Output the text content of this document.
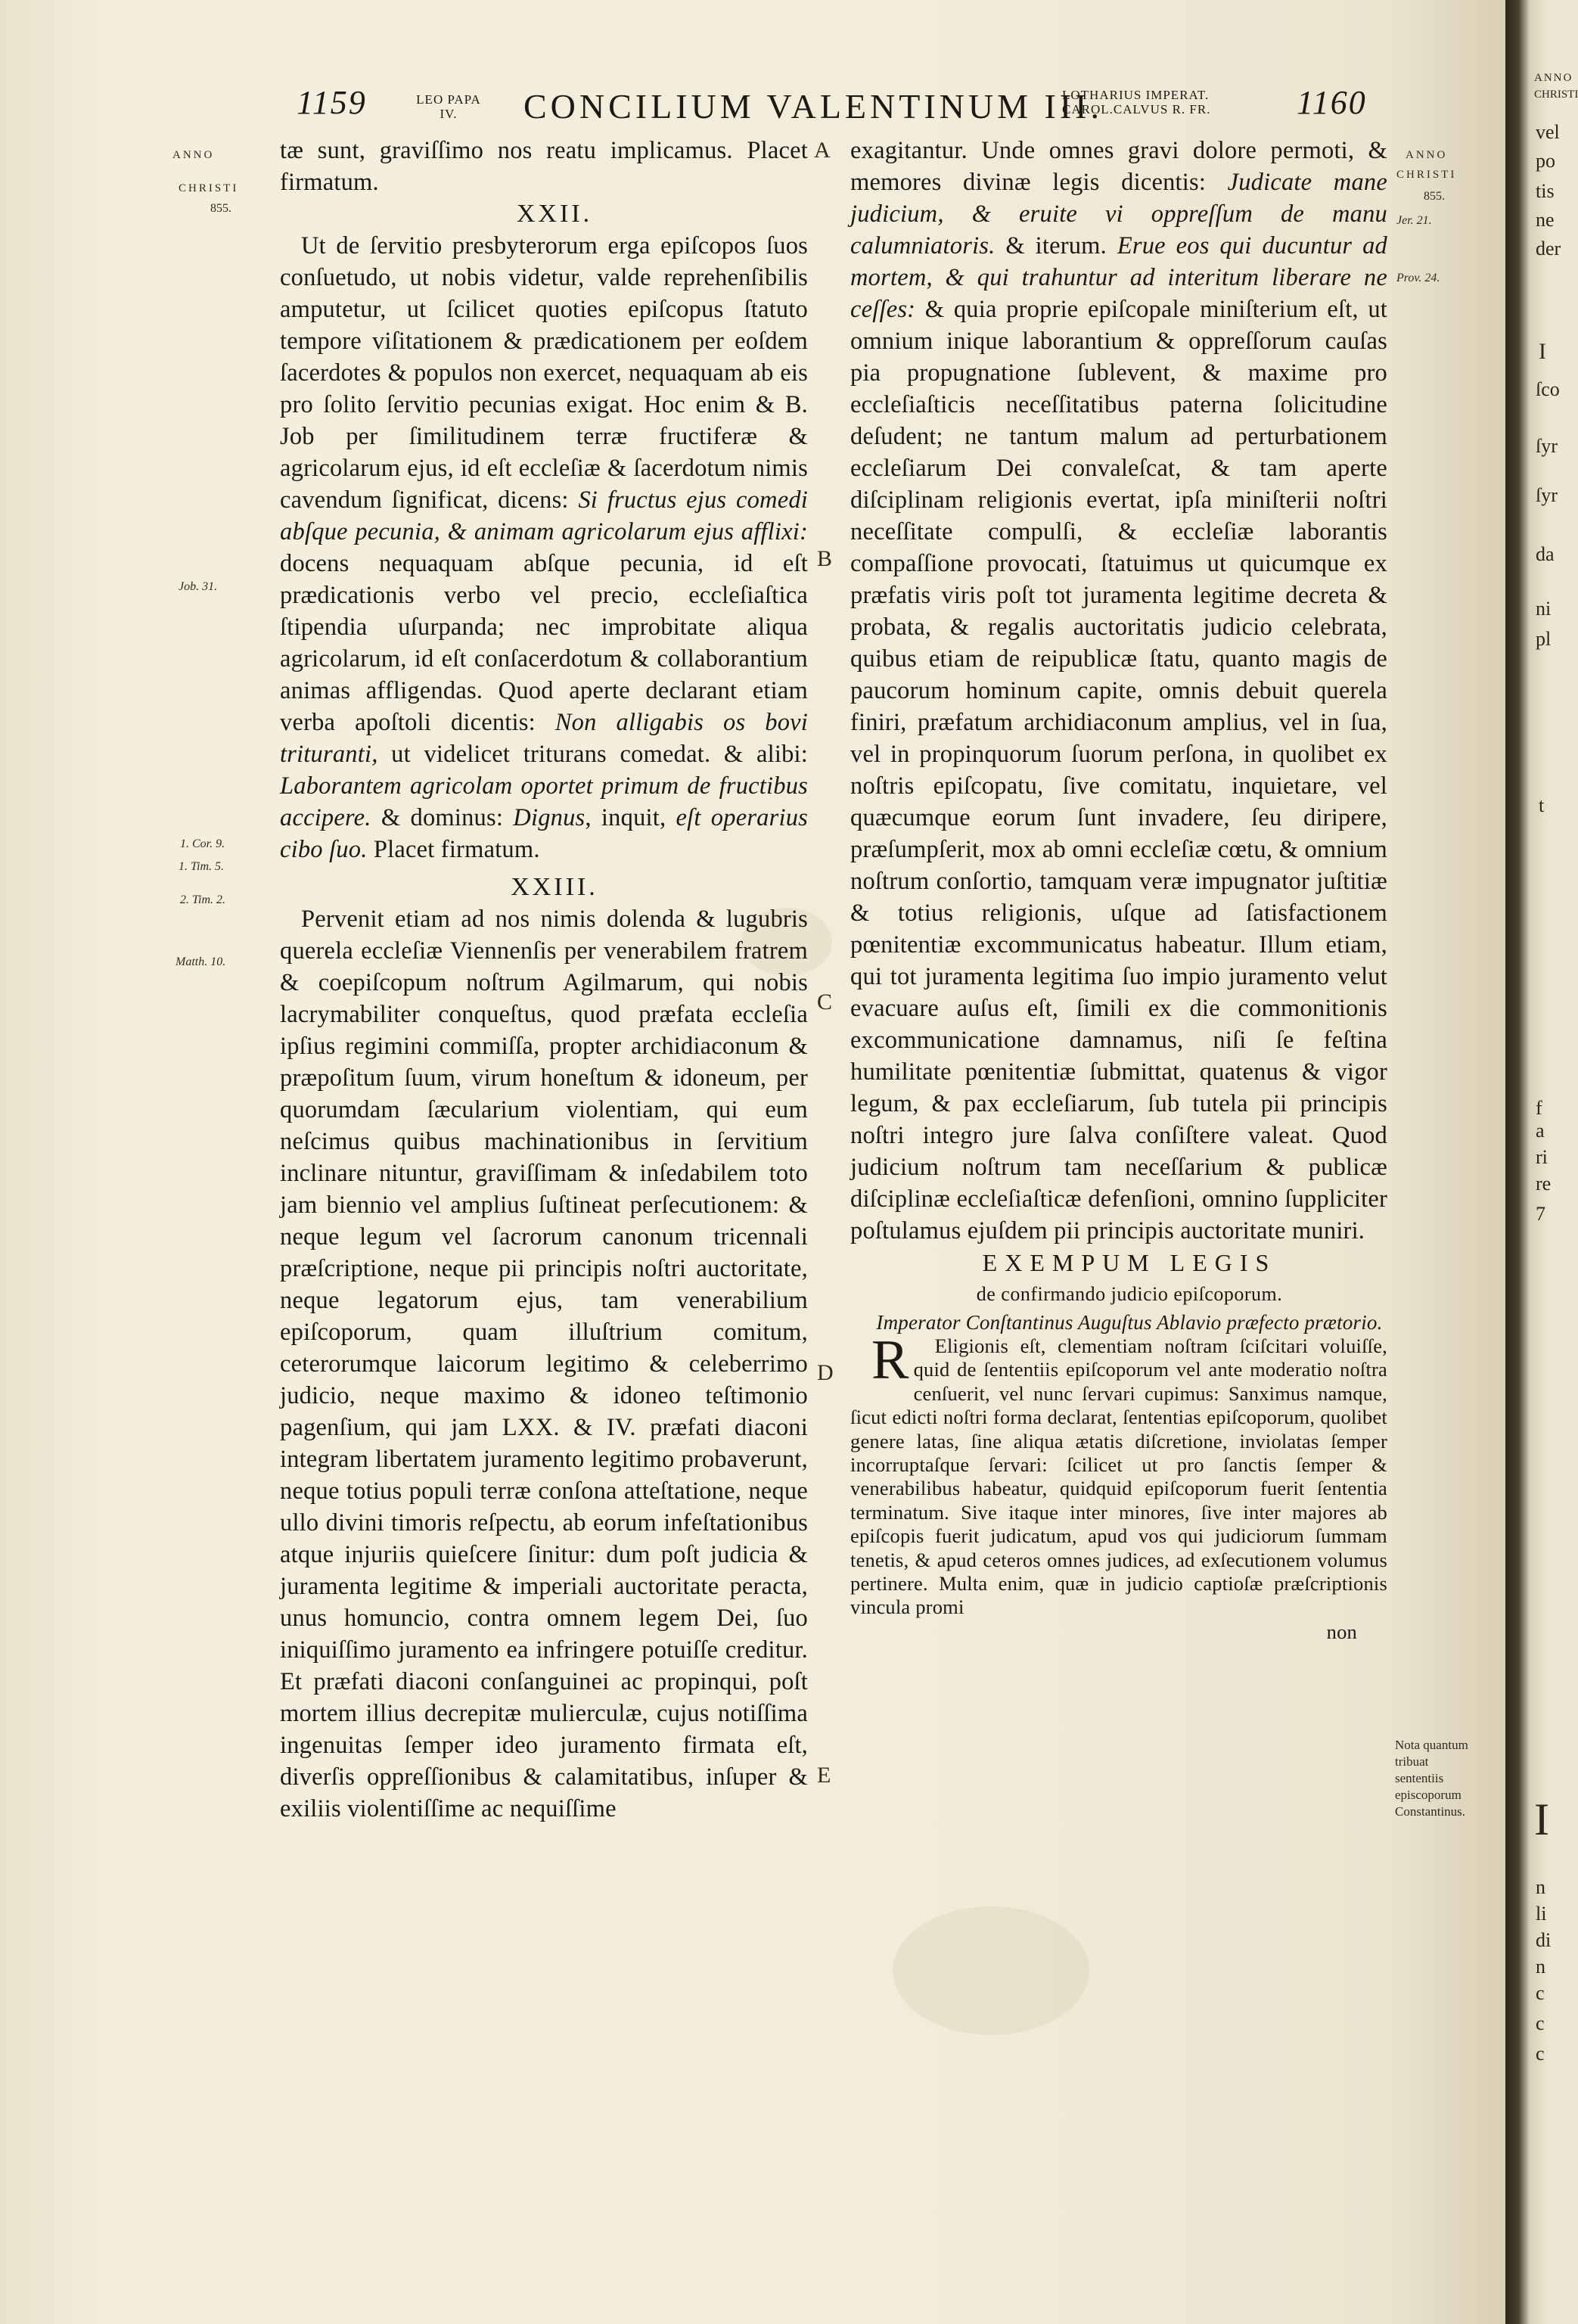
1159	LEO PAPA
IV.	CONCILIUM VALENTINUM III.
LOTHARIUS IMPERAT.
CAROL.CALVUS R. FR.	1160
ANNO
CHRISTI
855.
Job. 31.
1. Cor. 9.
1. Tim. 5.
2. Tim. 2.
Matth. 10.
A
B
C
D
E
ANNO
CHRISTI
855.
Jer. 21.
Prov. 24.
Nota quantum tribuat sententiis episcoporum Constantinus.

tæ sunt, graviſſimo nos reatu implicamus. Placet firmatum.

XXII.

Ut de ſervitio presbyterorum erga epiſcopos ſuos conſuetudo, ut nobis videtur, valde reprehenſibilis amputetur, ut ſcilicet quoties epiſcopus ſtatuto tempore viſitationem & prædicationem per eoſdem ſacerdotes & populos non exercet, nequaquam ab eis pro ſolito ſervitio pecunias exigat. Hoc enim & B. Job per ſimilitudinem terræ fructiferæ & agricolarum ejus, id eſt eccleſiæ & ſacerdotum nimis cavendum ſignificat, dicens: Si fructus ejus comedi abſque pecunia, & animam agricolarum ejus afflixi: docens nequaquam abſque pecunia, id eſt prædicationis verbo vel precio, eccleſiaſtica ſtipendia uſurpanda; nec improbitate aliqua agricolarum, id eſt conſacerdotum & collaborantium animas affligendas. Quod aperte declarant etiam verba apoſtoli dicentis: Non alligabis os bovi trituranti, ut videlicet triturans comedat. & alibi: Laborantem agricolam oportet primum de fructibus accipere. & dominus: Dignus, inquit, eſt operarius cibo ſuo. Placet firmatum.

XXIII.

Pervenit etiam ad nos nimis dolenda & lugubris querela eccleſiæ Viennenſis per venerabilem fratrem & coepiſcopum noſtrum Agilmarum, qui nobis lacrymabiliter conqueſtus, quod præfata eccleſia ipſius regimini commiſſa, propter archidiaconum & præpoſitum ſuum, virum honeſtum & idoneum, per quorumdam ſæcularium violentiam, qui eum neſcimus quibus machinationibus in ſervitium inclinare nituntur, graviſſimam & inſedabilem toto jam biennio vel amplius ſuſtineat perſecutionem: & neque legum vel ſacrorum canonum tricennali præſcriptione, neque pii principis noſtri auctoritate, neque legatorum ejus, tam venerabilium epiſcoporum, quam illuſtrium comitum, ceterorumque laicorum legitimo & celeberrimo judicio, neque maximo & idoneo teſtimonio pagenſium, qui jam LXX. & IV. præfati diaconi integram libertatem juramento legitimo probaverunt, neque totius populi terræ conſona atteſtatione, neque ullo divini timoris reſpectu, ab eorum infeſtationibus atque injuriis quieſcere ſinitur: dum poſt judicia & juramenta legitime & imperiali auctoritate peracta, unus homuncio, contra omnem legem Dei, ſuo iniquiſſimo juramento ea infringere potuiſſe creditur. Et præfati diaconi conſanguinei ac propinqui, poſt mortem illius decrepitæ mulierculæ, cujus notiſſima ingenuitas ſemper ideo juramento firmata eſt, diverſis oppreſſionibus & calamitatibus, inſuper & exiliis violentiſſime ac nequiſſime

exagitantur. Unde omnes gravi dolore permoti, & memores divinæ legis dicentis: Judicate mane judicium, & eruite vi oppreſſum de manu calumniatoris. & iterum. Erue eos qui ducuntur ad mortem, & qui trahuntur ad interitum liberare ne ceſſes: & quia proprie epiſcopale miniſterium eſt, ut omnium inique laborantium & oppreſſorum cauſas pia propugnatione ſublevent, & maxime pro eccleſiaſticis neceſſitatibus paterna ſolicitudine deſudent; ne tantum malum ad perturbationem eccleſiarum Dei convaleſcat, & tam aperte diſciplinam religionis evertat, ipſa miniſterii noſtri neceſſitate compulſi, & eccleſiæ laborantis compaſſione provocati, ſtatuimus ut quicumque ex præfatis viris poſt tot juramenta legitime decreta & probata, & regalis auctoritatis judicio celebrata, quibus etiam de reipublicæ ſtatu, quanto magis de paucorum hominum capite, omnis debuit querela finiri, præfatum archidiaconum amplius, vel in ſua, vel in propinquorum ſuorum perſona, in quolibet ex noſtris epiſcopatu, ſive comitatu, inquietare, vel quæcumque eorum ſunt invadere, ſeu diripere, præſumpſerit, mox ab omni eccleſiæ cœtu, & omnium noſtrum conſortio, tamquam veræ impugnator juſtitiæ & totius religionis, uſque ad ſatisfactionem pœnitentiæ excommunicatus habeatur. Illum etiam, qui tot juramenta legitima ſuo impio juramento velut evacuare auſus eſt, ſimili ex die commonitionis excommunicatione damnamus, niſi ſe feſtina humilitate pœnitentiæ ſubmittat, quatenus & vigor legum, & pax eccleſiarum, ſub tutela pii principis noſtri integro jure ſalva conſiſtere valeat. Quod judicium noſtrum tam neceſſarium & publicæ diſciplinæ eccleſiaſticæ defenſioni, omnino ſuppliciter poſtulamus ejuſdem pii principis auctoritate muniri.

EXEMPUM LEGIS

de confirmando judicio epiſcoporum.

Imperator Conſtantinus Auguſtus Ablavio præfecto prætorio.

R Eligionis eſt, clementiam noſtram ſciſcitari voluiſſe, quid de ſententiis epiſcoporum vel ante moderatio noſtra cenſuerit, vel nunc ſervari cupimus: Sanximus namque, ſicut edicti noſtri forma declarat, ſententias epiſcoporum, quolibet genere latas, ſine aliqua ætatis diſcretione, inviolatas ſemper incorruptaſque ſervari: ſcilicet ut pro ſanctis ſemper & venerabilibus habeatur, quidquid epiſcoporum fuerit ſententia terminatum. Sive itaque inter minores, ſive inter majores ab epiſcopis fuerit judicatum, apud vos qui judiciorum ſummam tenetis, & apud ceteros omnes judices, ad exſecutionem volumus pertinere. Multa enim, quæ in judicio captioſæ præſcriptionis vincula promi

non

ANNO
CHRISTI
vel
po
tis
ne
der
I
ſco
ſyr
ſyr
da
ni
pl
t
f
a
ri
re
7
I
n
li
di
n
c
c
c
